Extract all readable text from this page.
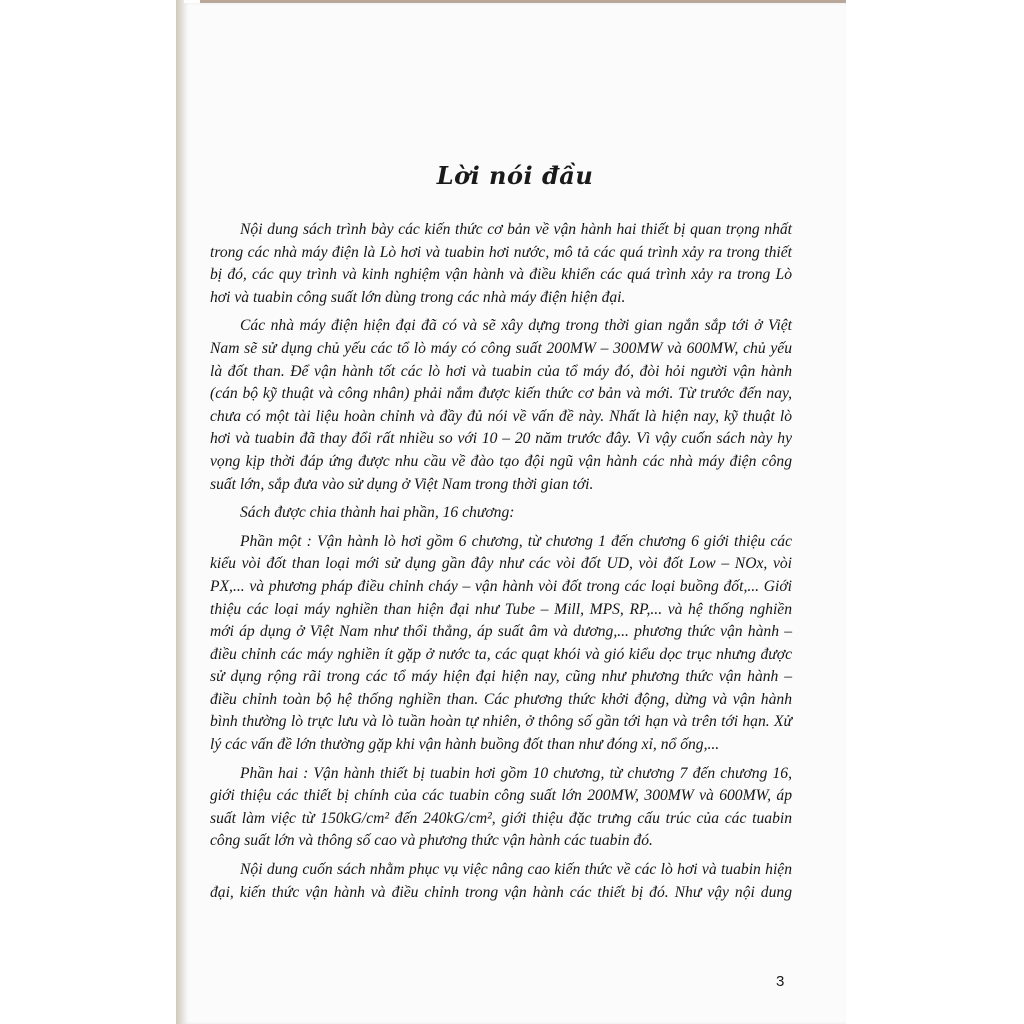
Lời nói đầu
Nội dung sách trình bày các kiến thức cơ bản về vận hành hai thiết bị quan trọng nhất
trong các nhà máy điện là Lò hơi và tuabin hơi nước, mô tả các quá trình xảy ra trong thiết
bị đó, các quy trình và kinh nghiệm vận hành và điều khiển các quá trình xảy ra trong Lò
hơi và tuabin công suất lớn dùng trong các nhà máy điện hiện đại.
Các nhà máy điện hiện đại đã có và sẽ xây dựng trong thời gian ngắn sắp tới ở Việt
Nam sẽ sử dụng chủ yếu các tổ lò máy có công suất 200MW – 300MW và 600MW, chủ yếu
là đốt than. Để vận hành tốt các lò hơi và tuabin của tổ máy đó, đòi hỏi người vận hành
(cán bộ kỹ thuật và công nhân) phải nắm được kiến thức cơ bản và mới. Từ trước đến nay,
chưa có một tài liệu hoàn chỉnh và đầy đủ nói về vấn đề này. Nhất là hiện nay, kỹ thuật lò
hơi và tuabin đã thay đổi rất nhiều so với 10 – 20 năm trước đây. Vì vậy cuốn sách này hy
vọng kịp thời đáp ứng được nhu cầu về đào tạo đội ngũ vận hành các nhà máy điện công
suất lớn, sắp đưa vào sử dụng ở Việt Nam trong thời gian tới.
Sách được chia thành hai phần, 16 chương:
Phần một : Vận hành lò hơi gồm 6 chương, từ chương 1 đến chương 6 giới thiệu các
kiểu vòi đốt than loại mới sử dụng gần đây như các vòi đốt UD, vòi đốt Low – NOx, vòi
PX,... và phương pháp điều chỉnh cháy – vận hành vòi đốt trong các loại buồng đốt,... Giới
thiệu các loại máy nghiền than hiện đại như Tube – Mill, MPS, RP,... và hệ thống nghiền
mới áp dụng ở Việt Nam như thổi thẳng, áp suất âm và dương,... phương thức vận hành –
điều chỉnh các máy nghiền ít gặp ở nước ta, các quạt khói và gió kiểu dọc trục nhưng được
sử dụng rộng rãi trong các tổ máy hiện đại hiện nay, cũng như phương thức vận hành –
điều chỉnh toàn bộ hệ thống nghiền than. Các phương thức khởi động, dừng và vận hành
bình thường lò trực lưu và lò tuần hoàn tự nhiên, ở thông số gần tới hạn và trên tới hạn. Xử
lý các vấn đề lớn thường gặp khi vận hành buồng đốt than như đóng xỉ, nổ ống,...
Phần hai : Vận hành thiết bị tuabin hơi gồm 10 chương, từ chương 7 đến chương 16,
giới thiệu các thiết bị chính của các tuabin công suất lớn 200MW, 300MW và 600MW, áp
suất làm việc từ 150kG/cm² đến 240kG/cm², giới thiệu đặc trưng cấu trúc của các tuabin
công suất lớn và thông số cao và phương thức vận hành các tuabin đó.
Nội dung cuốn sách nhằm phục vụ việc nâng cao kiến thức về các lò hơi và tuabin hiện
đại, kiến thức vận hành và điều chỉnh trong vận hành các thiết bị đó. Như vậy nội dung
3
